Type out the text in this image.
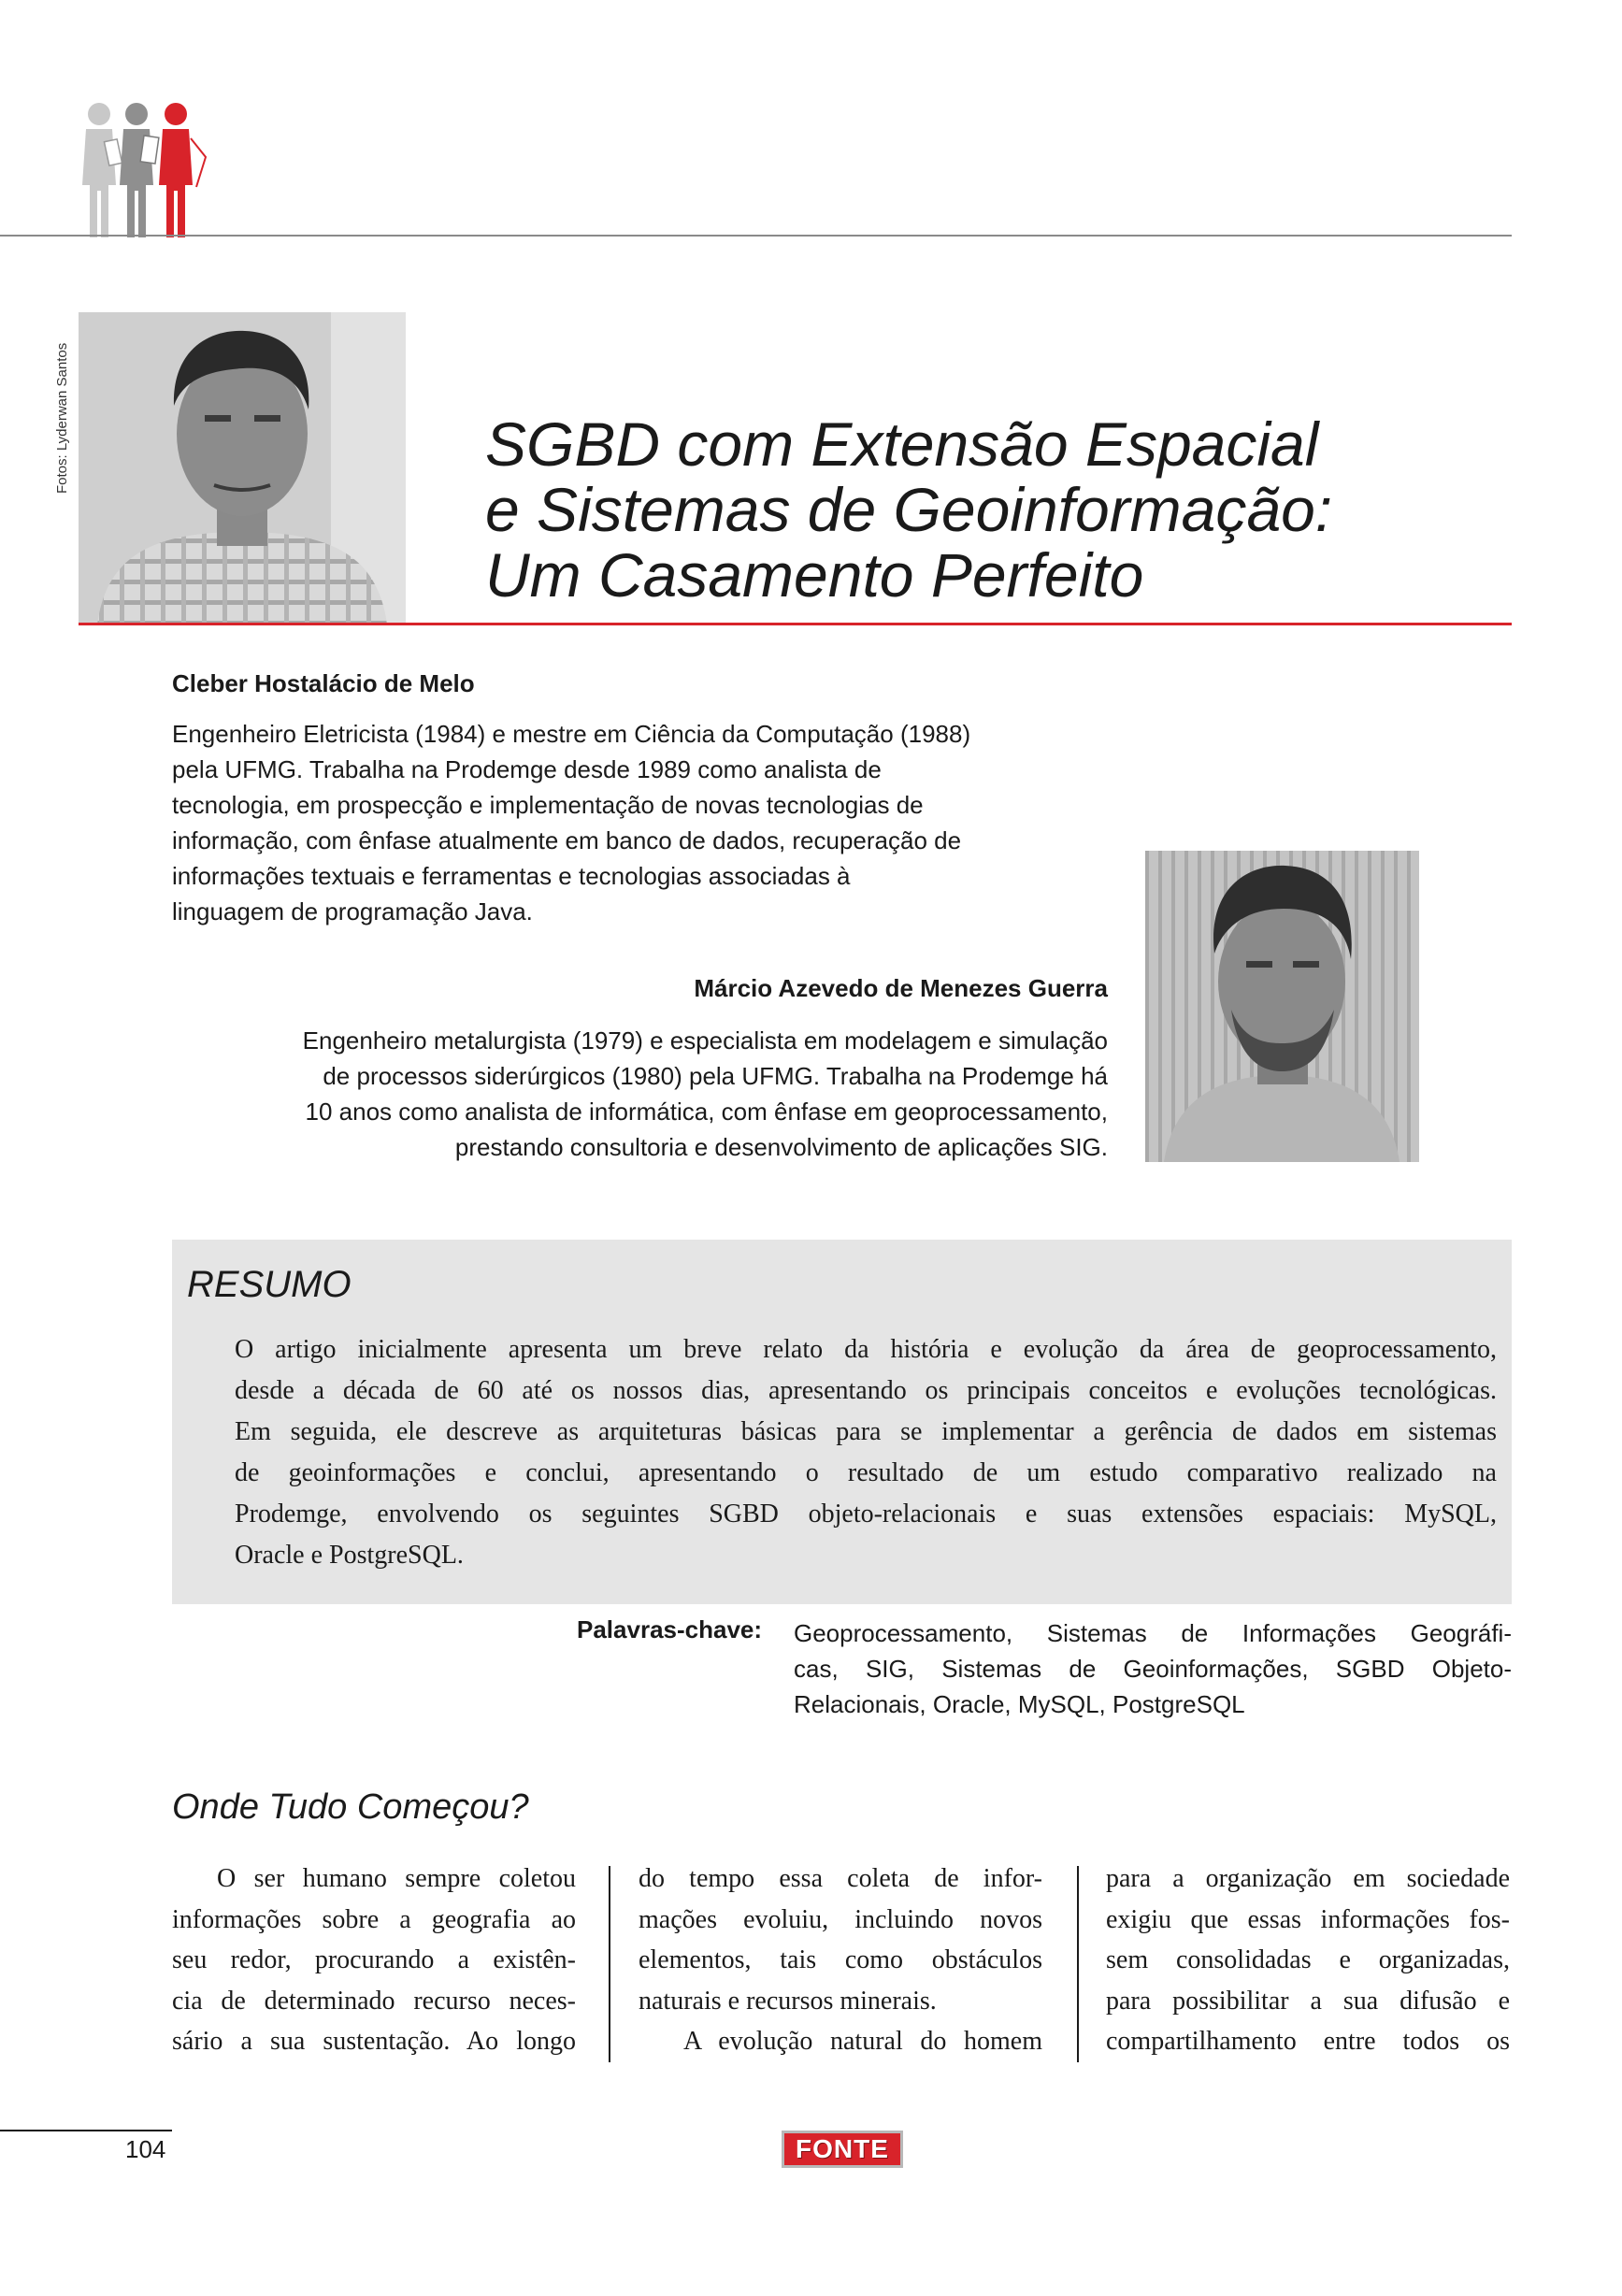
Fotos: Lyderwan Santos	SGBD com Extensão Espacial
e Sistemas de Geoinformação:
Um Casamento Perfeito
Cleber Hostalácio de Melo
Engenheiro Eletricista (1984) e mestre em Ciência da Computação (1988)
pela UFMG. Trabalha na Prodemge desde 1989 como analista de
tecnologia, em prospecção e implementação de novas tecnologias de
informação, com ênfase atualmente em banco de dados, recuperação de
informações textuais e ferramentas e tecnologias associadas à
linguagem de programação Java.
Márcio Azevedo de Menezes Guerra
Engenheiro metalurgista (1979) e especialista em modelagem e simulação
de processos siderúrgicos (1980) pela UFMG. Trabalha na Prodemge há
10 anos como analista de informática, com ênfase em geoprocessamento,
prestando consultoria e desenvolvimento de aplicações SIG.
RESUMO
O artigo inicialmente apresenta um breve relato da história e evolução da área de geoprocessamento,
desde a década de 60 até os nossos dias, apresentando os principais conceitos e evoluções tecnológicas.
Em seguida, ele descreve as arquiteturas básicas para se implementar a gerência de dados em sistemas
de geoinformações e conclui, apresentando o resultado de um estudo comparativo realizado na
Prodemge, envolvendo os seguintes SGBD objeto-relacionais e suas extensões espaciais: MySQL,
Oracle e PostgreSQL.
Palavras-chave: Geoprocessamento, Sistemas de Informações Geográfi-
cas, SIG, Sistemas de Geoinformações, SGBD Objeto-
Relacionais, Oracle, MySQL, PostgreSQL
Onde Tudo Começou?
O ser humano sempre coletou
informações sobre a geografia ao
seu redor, procurando a existên-
cia de determinado recurso neces-
sário a sua sustentação. Ao longo
do tempo essa coleta de infor-
mações evoluiu, incluindo novos
elementos, tais como obstáculos
naturais e recursos minerais.
A evolução natural do homem
para a organização em sociedade
exigiu que essas informações fos-
sem consolidadas e organizadas,
para possibilitar a sua difusão e
compartilhamento entre todos os
104	FONTE
